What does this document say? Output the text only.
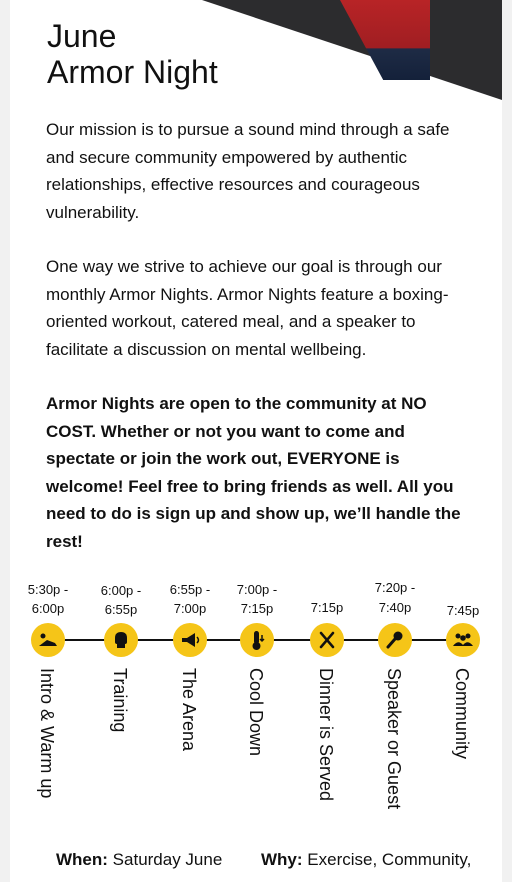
June
Armor Night

Our mission is to pursue a sound mind through a safe and secure community empowered by authentic relationships, effective resources and courageous vulnerability.

One way we strive to achieve our goal is through our monthly Armor Nights. Armor Nights feature a boxing-oriented workout, catered meal, and a speaker to facilitate a discussion on mental wellbeing.

Armor Nights are open to the community at NO COST. Whether or not you want to come and spectate or join the work out, EVERYONE is welcome! Feel free to bring friends as well. All you need to do is sign up and show up, we’ll handle the rest!

5:30p -
6:00p
Intro & Warm up
6:00p -
6:55p
Training
6:55p -
7:00p
The Arena
7:00p -
7:15p
Cool Down
7:15p
Dinner is Served
7:20p -
7:40p
Speaker or Guest
7:45p
Community
When: Saturday June Why: Exercise, Community,
